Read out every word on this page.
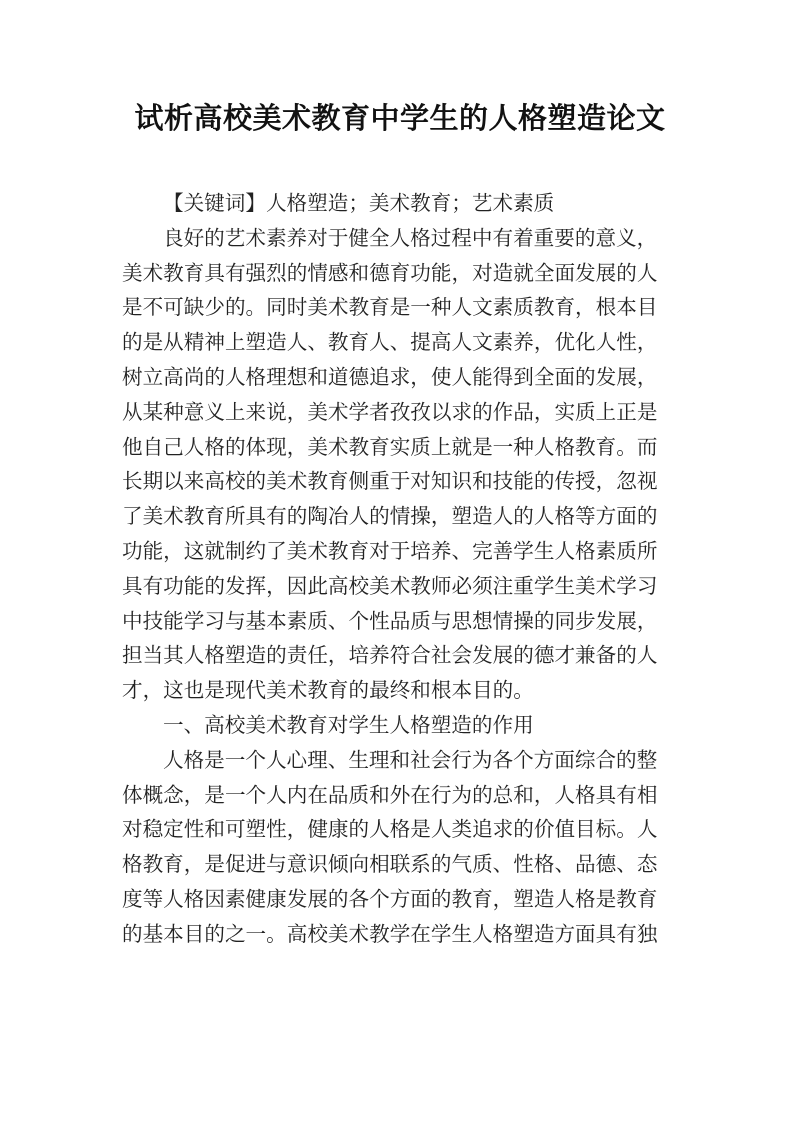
试析高校美术教育中学生的人格塑造论文
【关键词】人格塑造；美术教育；艺术素质
良好的艺术素养对于健全人格过程中有着重要的意义，
美术教育具有强烈的情感和德育功能，对造就全面发展的人
是不可缺少的。同时美术教育是一种人文素质教育，根本目
的是从精神上塑造人、教育人、提高人文素养，优化人性，
树立高尚的人格理想和道德追求，使人能得到全面的发展，
从某种意义上来说，美术学者孜孜以求的作品，实质上正是
他自己人格的体现，美术教育实质上就是一种人格教育。而
长期以来高校的美术教育侧重于对知识和技能的传授，忽视
了美术教育所具有的陶冶人的情操，塑造人的人格等方面的
功能，这就制约了美术教育对于培养、完善学生人格素质所
具有功能的发挥，因此高校美术教师必须注重学生美术学习
中技能学习与基本素质、个性品质与思想情操的同步发展，
担当其人格塑造的责任，培养符合社会发展的德才兼备的人
才，这也是现代美术教育的最终和根本目的。
一、高校美术教育对学生人格塑造的作用
人格是一个人心理、生理和社会行为各个方面综合的整
体概念，是一个人内在品质和外在行为的总和，人格具有相
对稳定性和可塑性，健康的人格是人类追求的价值目标。人
格教育，是促进与意识倾向相联系的气质、性格、品德、态
度等人格因素健康发展的各个方面的教育，塑造人格是教育
的基本目的之一。高校美术教学在学生人格塑造方面具有独
